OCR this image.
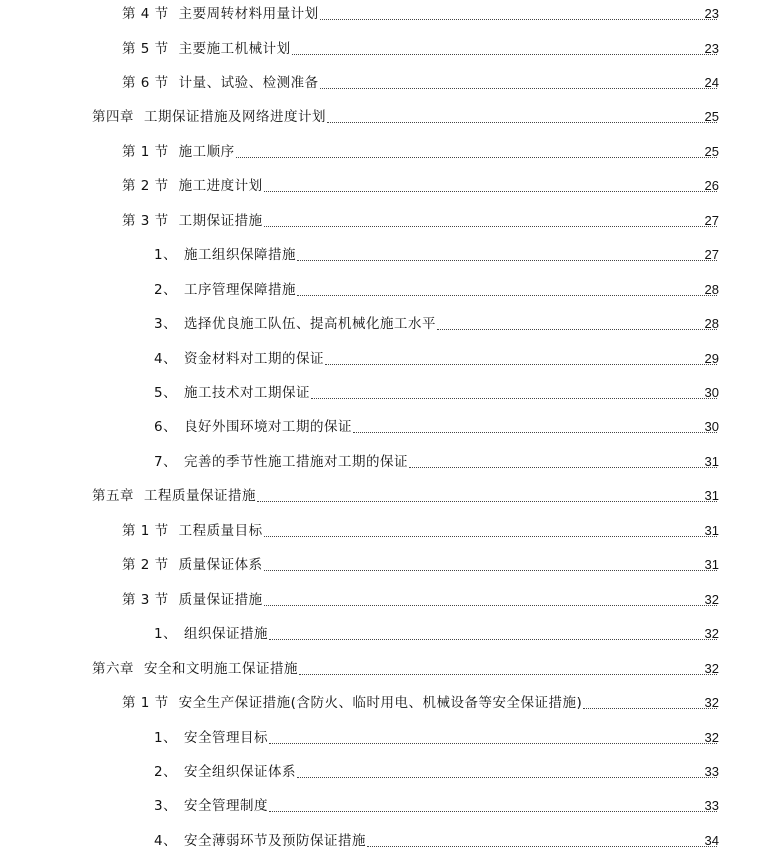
第 4 节 主要周转材料用量计划	23
第 5 节 主要施工机械计划	23
第 6 节 计量、试验、检测准备	24
第四章 工期保证措施及网络进度计划	25
第 1 节 施工顺序	25
第 2 节 施工进度计划	26
第 3 节 工期保证措施	27
1、 施工组织保障措施	27
2、 工序管理保障措施	28
3、 选择优良施工队伍、提高机械化施工水平	28
4、 资金材料对工期的保证	29
5、 施工技术对工期保证	30
6、 良好外围环境对工期的保证	30
7、 完善的季节性施工措施对工期的保证	31
第五章 工程质量保证措施	31
第 1 节 工程质量目标	31
第 2 节 质量保证体系	31
第 3 节 质量保证措施	32
1、 组织保证措施	32
第六章 安全和文明施工保证措施	32
第 1 节 安全生产保证措施(含防火、临时用电、机械设备等安全保证措施)	32
1、 安全管理目标	32
2、 安全组织保证体系	33
3、 安全管理制度	33
4、 安全薄弱环节及预防保证措施	34
